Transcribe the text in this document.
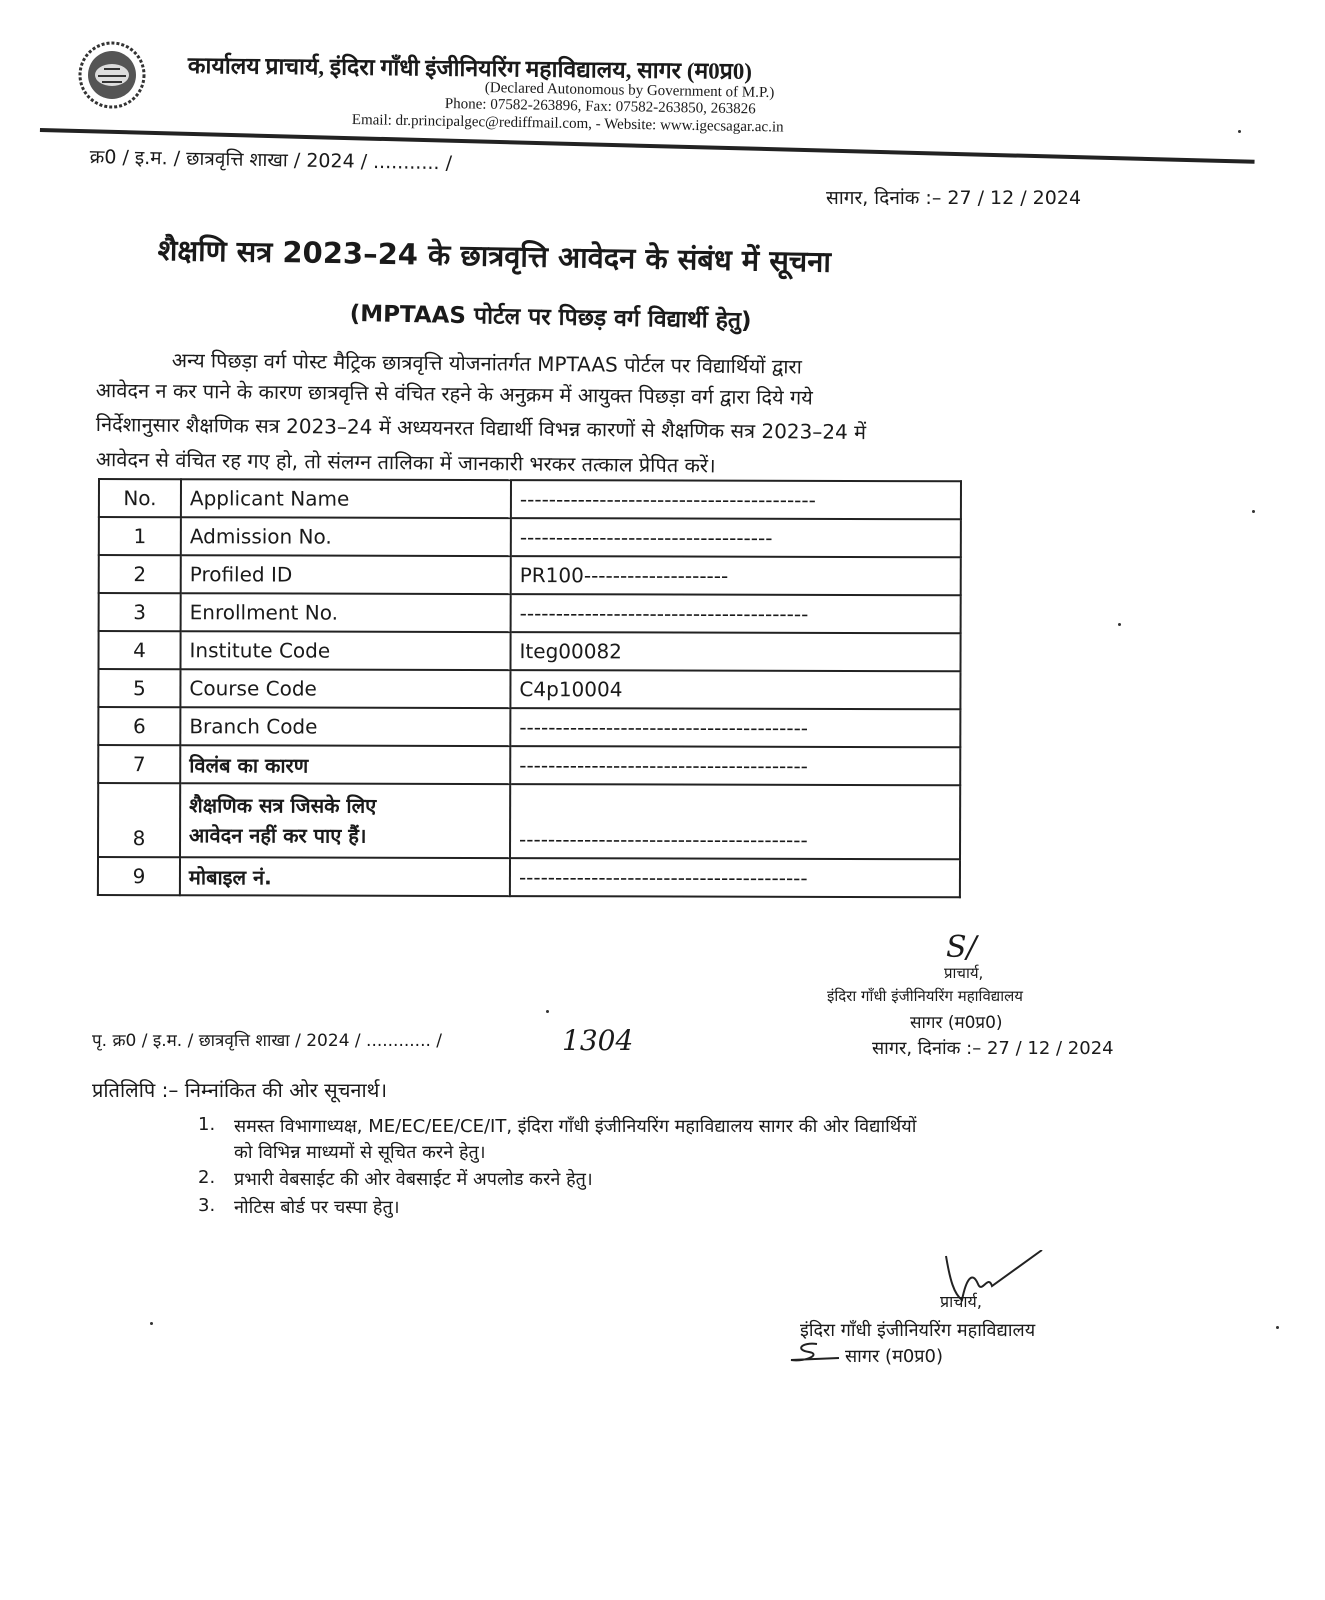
कार्यालय प्राचार्य, इंदिरा गाँधी इंजीनियरिंग महाविद्यालय, सागर (म0प्र0)
(Declared Autonomous by Government of M.P.)
Phone: 07582-263896, Fax: 07582-263850, 263826
Email: dr.principalgec@rediffmail.com, - Website: www.igecsagar.ac.in
क्र0 / इ.म. / छात्रवृत्ति शाखा / 2024 / ........... /
सागर, दिनांक :– 27 / 12 / 2024
शैक्षणि सत्र 2023–24 के छात्रवृत्ति आवेदन के संबंध में सूचना
(MPTAAS पोर्टल पर पिछड़ वर्ग विद्यार्थी हेतु)
अन्य पिछड़ा वर्ग पोस्ट मैट्रिक छात्रवृत्ति योजनांतर्गत MPTAAS पोर्टल पर विद्यार्थियों द्वारा
आवेदन न कर पाने के कारण छात्रवृत्ति से वंचित रहने के अनुक्रम में आयुक्त पिछड़ा वर्ग द्वारा दिये गये
निर्देशानुसार शैक्षणिक सत्र 2023–24 में अध्ययनरत विद्यार्थी विभन्न कारणों से शैक्षणिक सत्र 2023–24 में
आवेदन से वंचित रह गए हो, तो संलग्न तालिका में जानकारी भरकर तत्काल प्रेपित करें।
No.	Applicant Name	-----------------------------------------
1	Admission No.	-----------------------------------
2	Profiled ID	PR100--------------------
3	Enrollment No.	----------------------------------------
4	Institute Code	Iteg00082
5	Course Code	C4p10004
6	Branch Code	----------------------------------------
7	विलंब का कारण	----------------------------------------
8	शैक्षणिक सत्र जिसके लिए
आवेदन नहीं कर पाए हैं।	----------------------------------------
9	मोबाइल नं.	----------------------------------------
S/
प्राचार्य,
इंदिरा गाँधी इंजीनियरिंग महाविद्यालय
सागर (म0प्र0)
सागर, दिनांक :– 27 / 12 / 2024
पृ. क्र0 / इ.म. / छात्रवृत्ति शाखा / 2024 / ............ /	1304
प्रतिलिपि :– निम्नांकित की ओर सूचनार्थ।
1. समस्त विभागाध्यक्ष, ME/EC/EE/CE/IT, इंदिरा गाँधी इंजीनियरिंग महाविद्यालय सागर की ओर विद्यार्थियों
को विभिन्न माध्यमों से सूचित करने हेतु।
2. प्रभारी वेबसाईट की ओर वेबसाईट में अपलोड करने हेतु।
3. नोटिस बोर्ड पर चस्पा हेतु।
प्राचार्य,
इंदिरा गाँधी इंजीनियरिंग महाविद्यालय
सागर (म0प्र0)
